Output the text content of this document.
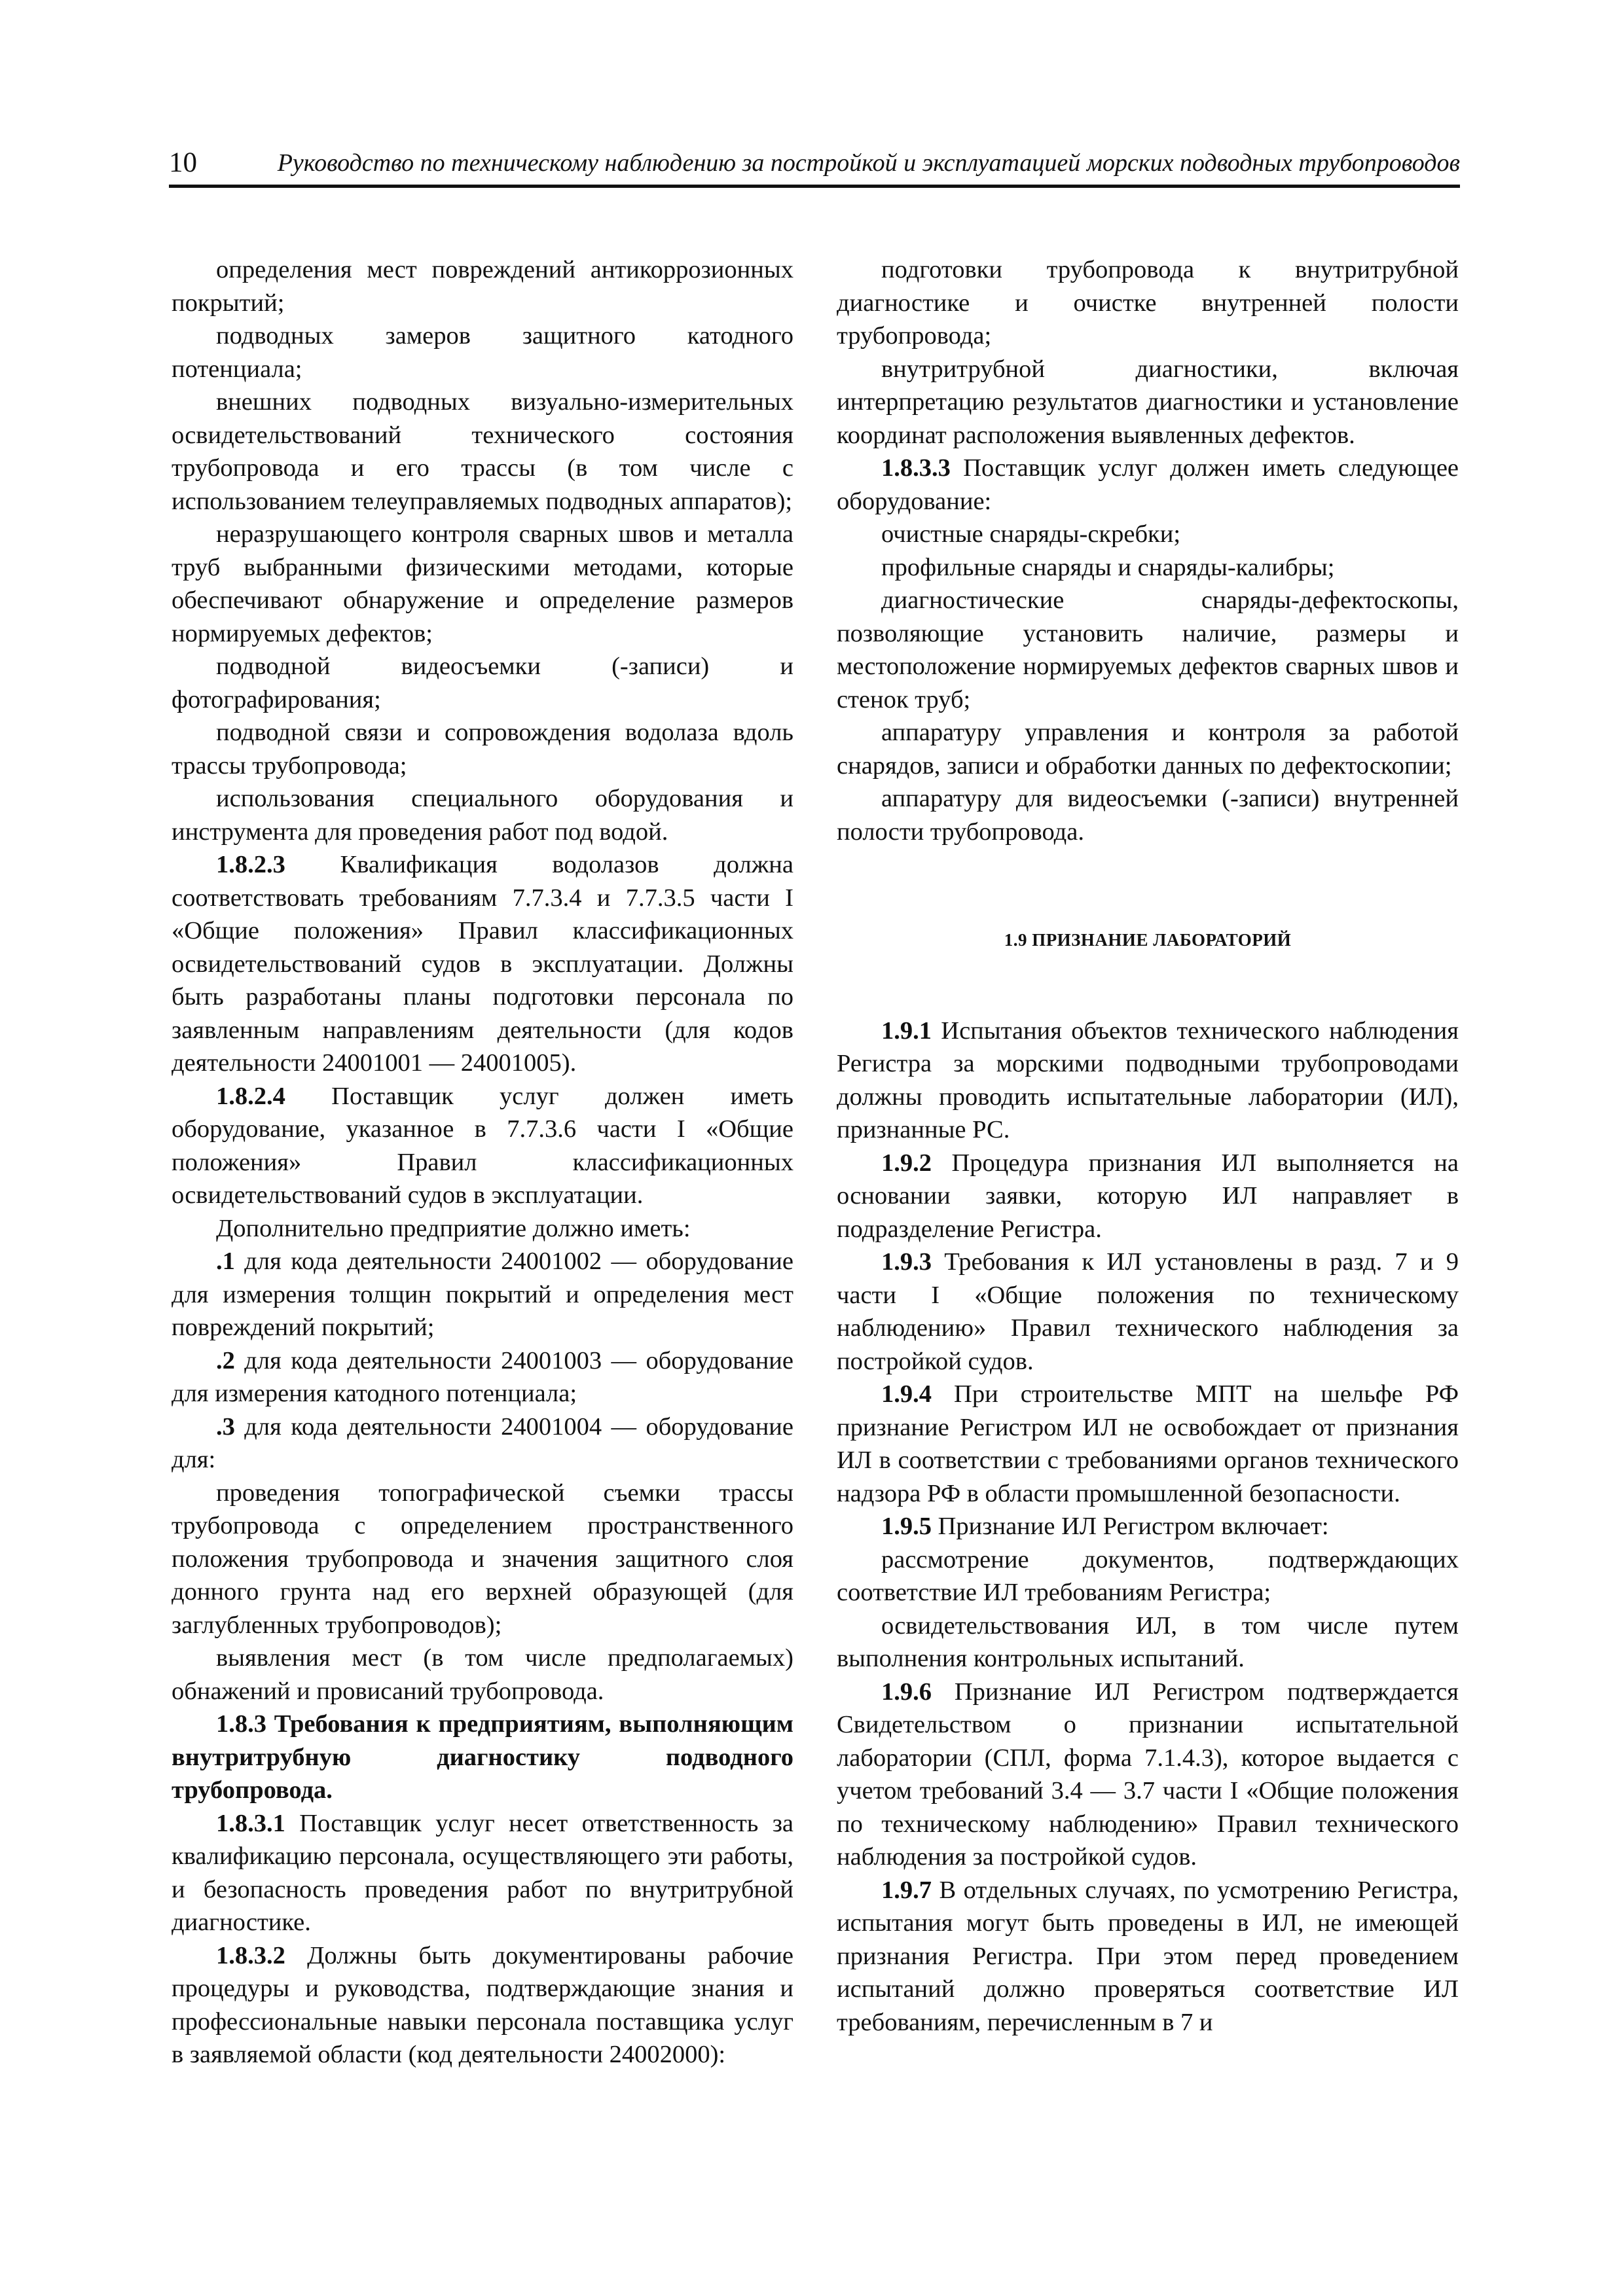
10	Руководство по техническому наблюдению за постройкой и эксплуатацией морских подводных трубопроводов

определения мест повреждений антикоррозионных покрытий;

подводных замеров защитного катодного потенциала;

внешних подводных визуально-измерительных освидетельствований технического состояния трубопровода и его трассы (в том числе с использованием телеуправляемых подводных аппаратов);

неразрушающего контроля сварных швов и металла труб выбранными физическими методами, которые обеспечивают обнаружение и определение размеров нормируемых дефектов;

подводной видеосъемки (-записи) и фотографирования;

подводной связи и сопровождения водолаза вдоль трассы трубопровода;

использования специального оборудования и инструмента для проведения работ под водой.

1.8.2.3 Квалификация водолазов должна соответствовать требованиям 7.7.3.4 и 7.7.3.5 части I «Общие положения» Правил классификационных освидетельствований судов в эксплуатации. Должны быть разработаны планы подготовки персонала по заявленным направлениям деятельности (для кодов деятельности 24001001 — 24001005).

1.8.2.4 Поставщик услуг должен иметь оборудование, указанное в 7.7.3.6 части I «Общие положения» Правил классификационных освидетельствований судов в эксплуатации.

Дополнительно предприятие должно иметь:

.1 для кода деятельности 24001002 — оборудование для измерения толщин покрытий и определения мест повреждений покрытий;

.2 для кода деятельности 24001003 — оборудование для измерения катодного потенциала;

.3 для кода деятельности 24001004 — оборудование для:

проведения топографической съемки трассы трубопровода с определением пространственного положения трубопровода и значения защитного слоя донного грунта над его верхней образующей (для заглубленных трубопроводов);

выявления мест (в том числе предполагаемых) обнажений и провисаний трубопровода.

1.8.3 Требования к предприятиям, выполняющим внутритрубную диагностику подводного трубопровода.

1.8.3.1 Поставщик услуг несет ответственность за квалификацию персонала, осуществляющего эти работы, и безопасность проведения работ по внутритрубной диагностике.

1.8.3.2 Должны быть документированы рабочие процедуры и руководства, подтверждающие знания и профессиональные навыки персонала поставщика услуг в заявляемой области (код деятельности 24002000):

подготовки трубопровода к внутритрубной диагностике и очистке внутренней полости трубопровода;

внутритрубной диагностики, включая интерпретацию результатов диагностики и установление координат расположения выявленных дефектов.

1.8.3.3 Поставщик услуг должен иметь следующее оборудование:

очистные снаряды-скребки;

профильные снаряды и снаряды-калибры;

диагностические снаряды-дефектоскопы, позволяющие установить наличие, размеры и местоположение нормируемых дефектов сварных швов и стенок труб;

аппаратуру управления и контроля за работой снарядов, записи и обработки данных по дефектоскопии;

аппаратуру для видеосъемки (-записи) внутренней полости трубопровода.

1.9 ПРИЗНАНИЕ ЛАБОРАТОРИЙ

1.9.1 Испытания объектов технического наблюдения Регистра за морскими подводными трубопроводами должны проводить испытательные лаборатории (ИЛ), признанные РС.

1.9.2 Процедура признания ИЛ выполняется на основании заявки, которую ИЛ направляет в подразделение Регистра.

1.9.3 Требования к ИЛ установлены в разд. 7 и 9 части I «Общие положения по техническому наблюдению» Правил технического наблюдения за постройкой судов.

1.9.4 При строительстве МПТ на шельфе РФ признание Регистром ИЛ не освобождает от признания ИЛ в соответствии с требованиями органов технического надзора РФ в области промышленной безопасности.

1.9.5 Признание ИЛ Регистром включает:

рассмотрение документов, подтверждающих соответствие ИЛ требованиям Регистра;

освидетельствования ИЛ, в том числе путем выполнения контрольных испытаний.

1.9.6 Признание ИЛ Регистром подтверждается Свидетельством о признании испытательной лаборатории (СПЛ, форма 7.1.4.3), которое выдается с учетом требований 3.4 — 3.7 части I «Общие положения по техническому наблюдению» Правил технического наблюдения за постройкой судов.

1.9.7 В отдельных случаях, по усмотрению Регистра, испытания могут быть проведены в ИЛ, не имеющей признания Регистра. При этом перед проведением испытаний должно проверяться соответствие ИЛ требованиям, перечисленным в 7 и
